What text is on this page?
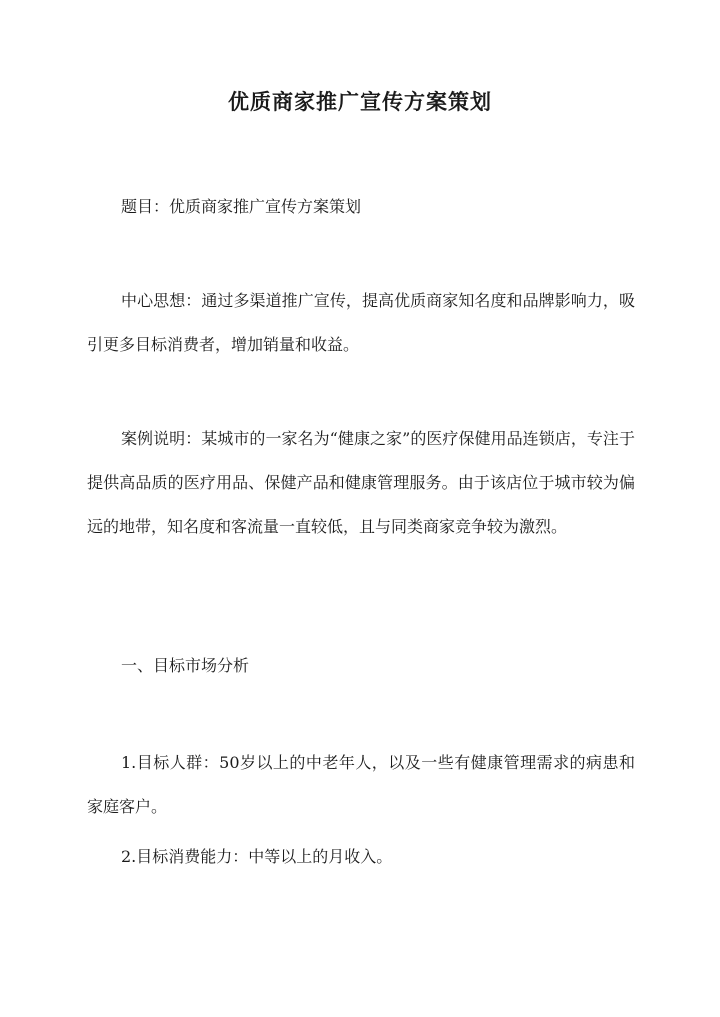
优质商家推广宣传方案策划

题目：优质商家推广宣传方案策划

中心思想：通过多渠道推广宣传，提高优质商家知名度和品牌影响力，吸引更多目标消费者，增加销量和收益。

案例说明：某城市的一家名为“健康之家”的医疗保健用品连锁店，专注于提供高品质的医疗用品、保健产品和健康管理服务。由于该店位于城市较为偏远的地带，知名度和客流量一直较低，且与同类商家竞争较为激烈。

一、目标市场分析

1.目标人群：50岁以上的中老年人，以及一些有健康管理需求的病患和家庭客户。

2.目标消费能力：中等以上的月收入。
